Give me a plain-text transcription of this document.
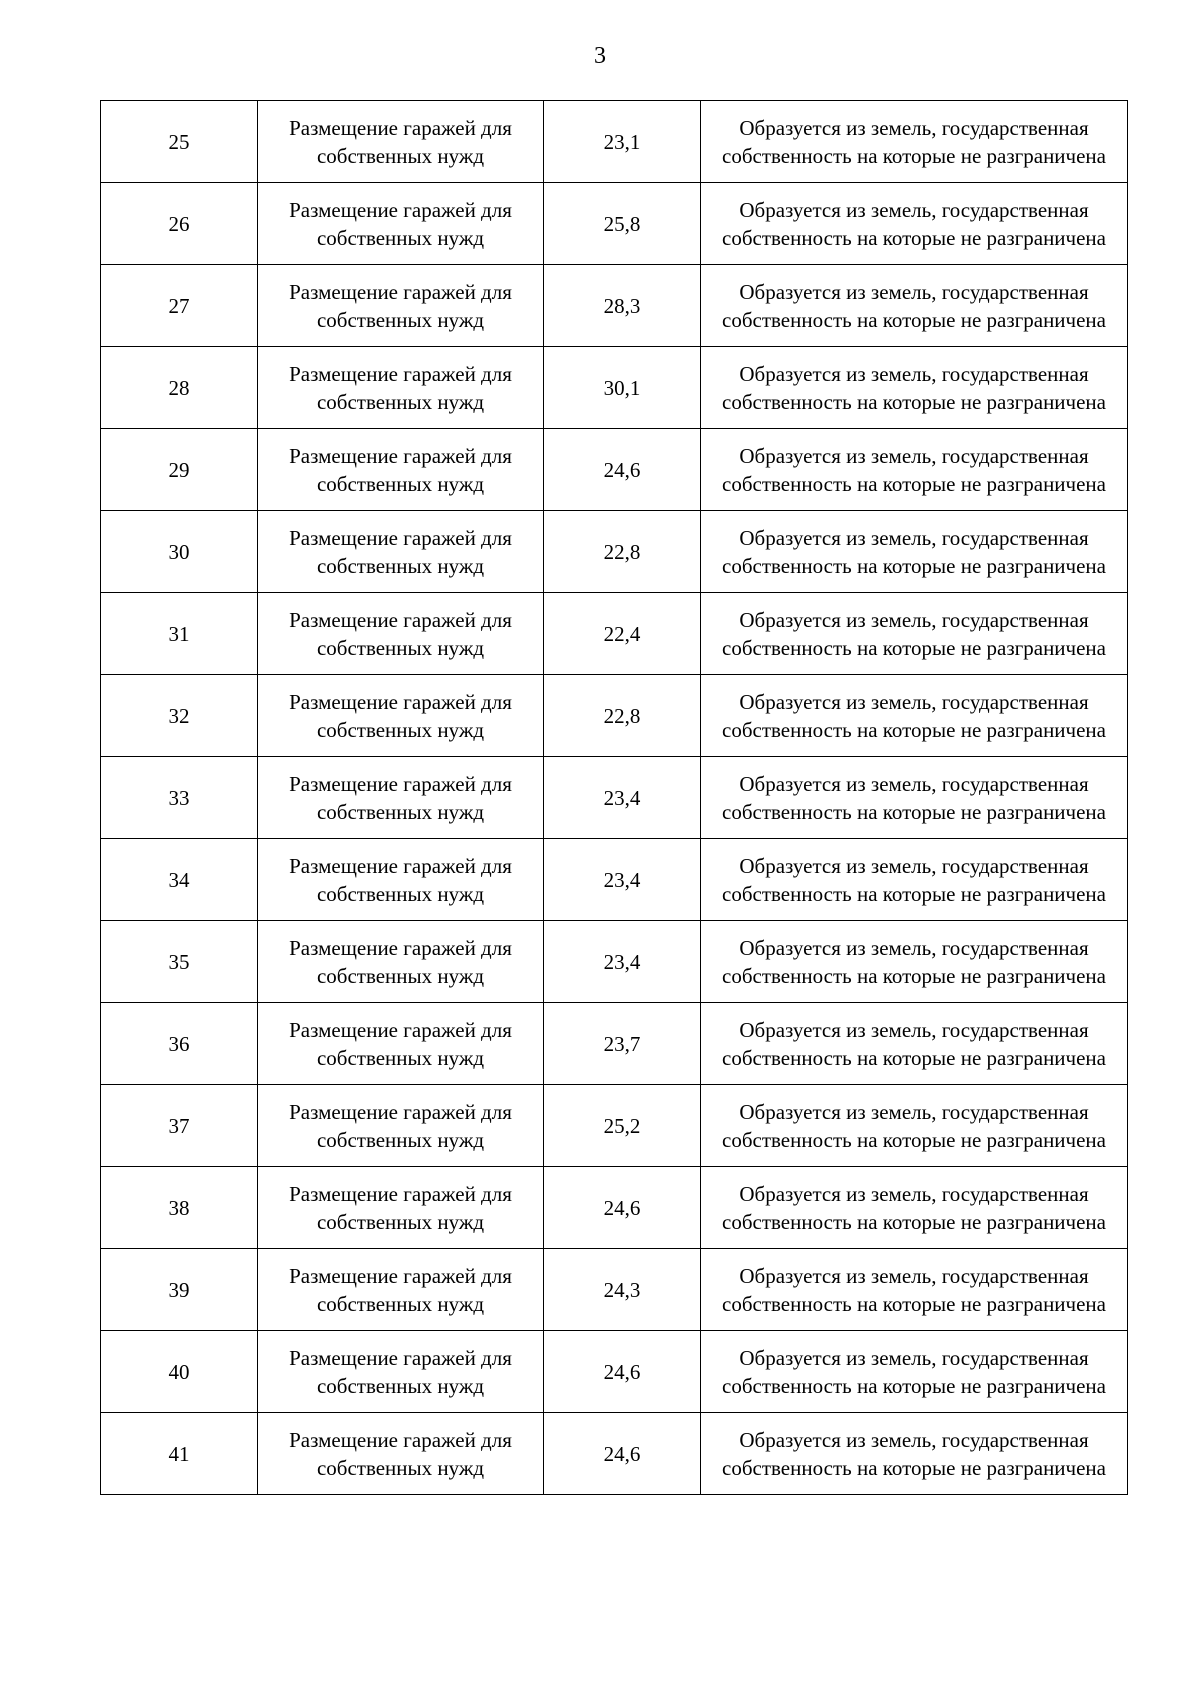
3
25	Размещение гаражей для собственных нужд	23,1	Образуется из земель, государственная собственность на которые не разграничена
26	Размещение гаражей для собственных нужд	25,8	Образуется из земель, государственная собственность на которые не разграничена
27	Размещение гаражей для собственных нужд	28,3	Образуется из земель, государственная собственность на которые не разграничена
28	Размещение гаражей для собственных нужд	30,1	Образуется из земель, государственная собственность на которые не разграничена
29	Размещение гаражей для собственных нужд	24,6	Образуется из земель, государственная собственность на которые не разграничена
30	Размещение гаражей для собственных нужд	22,8	Образуется из земель, государственная собственность на которые не разграничена
31	Размещение гаражей для собственных нужд	22,4	Образуется из земель, государственная собственность на которые не разграничена
32	Размещение гаражей для собственных нужд	22,8	Образуется из земель, государственная собственность на которые не разграничена
33	Размещение гаражей для собственных нужд	23,4	Образуется из земель, государственная собственность на которые не разграничена
34	Размещение гаражей для собственных нужд	23,4	Образуется из земель, государственная собственность на которые не разграничена
35	Размещение гаражей для собственных нужд	23,4	Образуется из земель, государственная собственность на которые не разграничена
36	Размещение гаражей для собственных нужд	23,7	Образуется из земель, государственная собственность на которые не разграничена
37	Размещение гаражей для собственных нужд	25,2	Образуется из земель, государственная собственность на которые не разграничена
38	Размещение гаражей для собственных нужд	24,6	Образуется из земель, государственная собственность на которые не разграничена
39	Размещение гаражей для собственных нужд	24,3	Образуется из земель, государственная собственность на которые не разграничена
40	Размещение гаражей для собственных нужд	24,6	Образуется из земель, государственная собственность на которые не разграничена
41	Размещение гаражей для собственных нужд	24,6	Образуется из земель, государственная собственность на которые не разграничена
